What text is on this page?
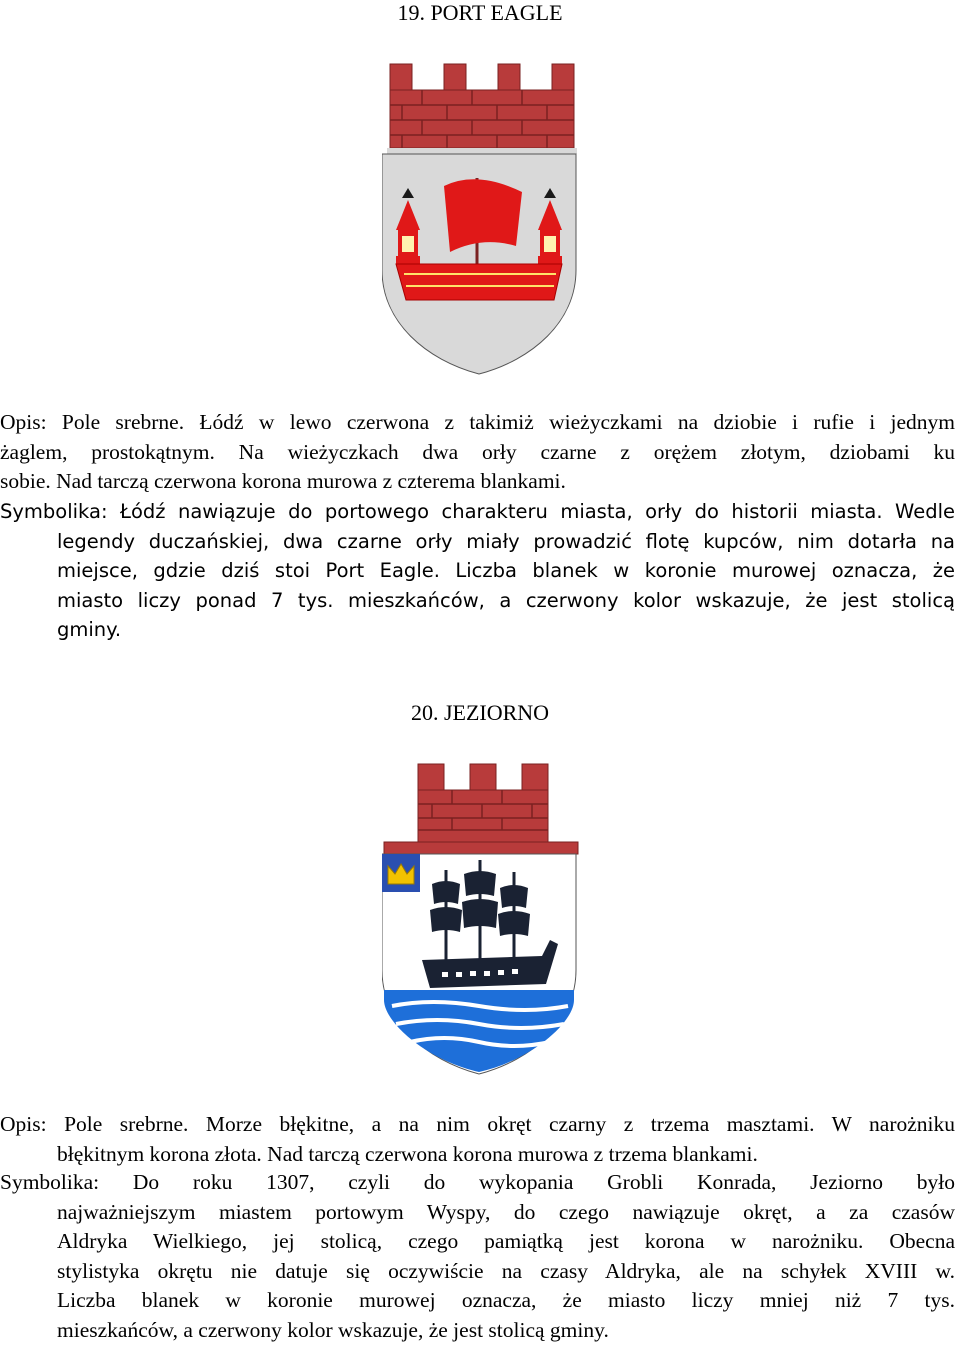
19. PORT EAGLE
Opis: Pole srebrne. Łódź w lewo czerwona z takimiż wieżyczkami na dziobie i rufie i jednym
żaglem, prostokątnym. Na wieżyczkach dwa orły czarne z orężem złotym, dziobami ku
sobie. Nad tarczą czerwona korona murowa z czterema blankami.
Symbolika: Łódź nawiązuje do portowego charakteru miasta, orły do historii miasta. Wedle
legendy duczańskiej, dwa czarne orły miały prowadzić flotę kupców, nim dotarła na
miejsce, gdzie dziś stoi Port Eagle. Liczba blanek w koronie murowej oznacza, że
miasto liczy ponad 7 tys. mieszkańców, a czerwony kolor wskazuje, że jest stolicą
gminy.
20. JEZIORNO
Opis: Pole srebrne. Morze błękitne, a na nim okręt czarny z trzema masztami. W narożniku
błękitnym korona złota. Nad tarczą czerwona korona murowa z trzema blankami.
Symbolika: Do roku 1307, czyli do wykopania Grobli Konrada, Jeziorno było
najważniejszym miastem portowym Wyspy, do czego nawiązuje okręt, a za czasów
Aldryka Wielkiego, jej stolicą, czego pamiątką jest korona w narożniku. Obecna
stylistyka okrętu nie datuje się oczywiście na czasy Aldryka, ale na schyłek XVIII w.
Liczba blanek w koronie murowej oznacza, że miasto liczy mniej niż 7 tys.
mieszkańców, a czerwony kolor wskazuje, że jest stolicą gminy.
